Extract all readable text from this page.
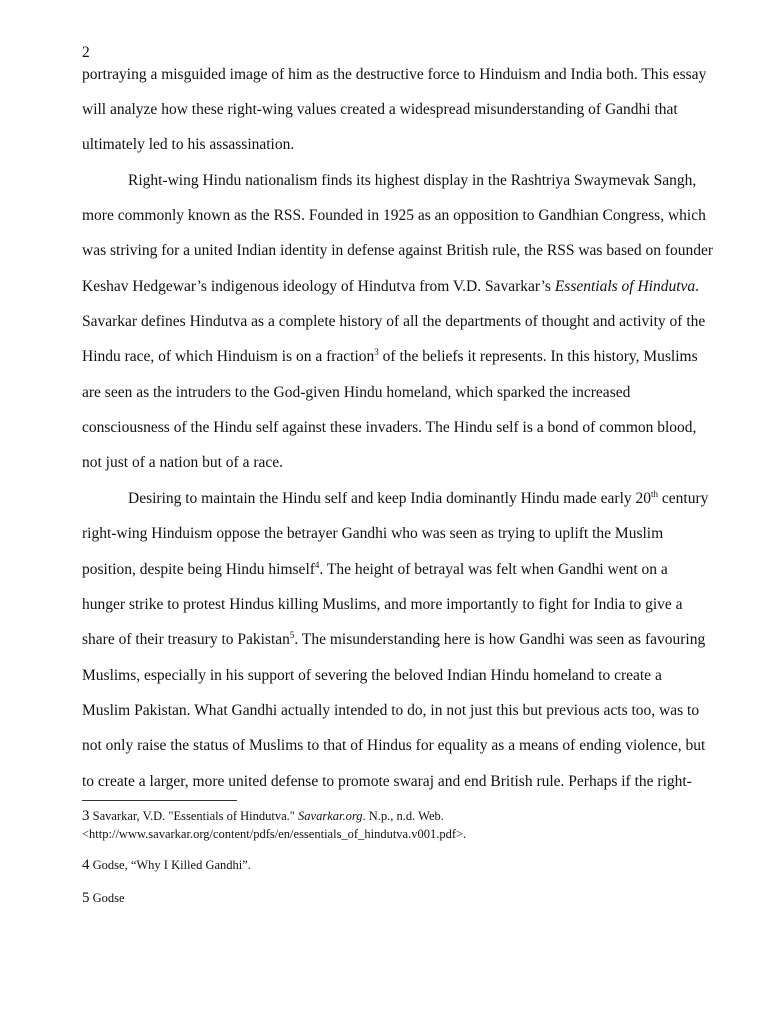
2
portraying a misguided image of him as the destructive force to Hinduism and India both. This essay
will analyze how these right-wing values created a widespread misunderstanding of Gandhi that
ultimately led to his assassination.
Right-wing Hindu nationalism finds its highest display in the Rashtriya Swaymevak Sangh,
more commonly known as the RSS. Founded in 1925 as an opposition to Gandhian Congress, which
was striving for a united Indian identity in defense against British rule, the RSS was based on founder
Keshav Hedgewar’s indigenous ideology of Hindutva from V.D. Savarkar’s Essentials of Hindutva.
Savarkar defines Hindutva as a complete history of all the departments of thought and activity of the
Hindu race, of which Hinduism is on a fraction$^3$ of the beliefs it represents. In this history, Muslims
are seen as the intruders to the God-given Hindu homeland, which sparked the increased
consciousness of the Hindu self against these invaders. The Hindu self is a bond of common blood,
not just of a nation but of a race.
Desiring to maintain the Hindu self and keep India dominantly Hindu made early 20th century
right-wing Hinduism oppose the betrayer Gandhi who was seen as trying to uplift the Muslim
position, despite being Hindu himself$^4$. The height of betrayal was felt when Gandhi went on a
hunger strike to protest Hindus killing Muslims, and more importantly to fight for India to give a
share of their treasury to Pakistan$^5$. The misunderstanding here is how Gandhi was seen as favouring
Muslims, especially in his support of severing the beloved Indian Hindu homeland to create a
Muslim Pakistan. What Gandhi actually intended to do, in not just this but previous acts too, was to
not only raise the status of Muslims to that of Hindus for equality as a means of ending violence, but
to create a larger, more united defense to promote swaraj and end British rule. Perhaps if the right-
3 Savarkar, V.D. "Essentials of Hindutva." Savarkar.org. N.p., n.d. Web.
<http://www.savarkar.org/content/pdfs/en/essentials_of_hindutva.v001.pdf>.
4 Godse, “Why I Killed Gandhi”.
5 Godse
